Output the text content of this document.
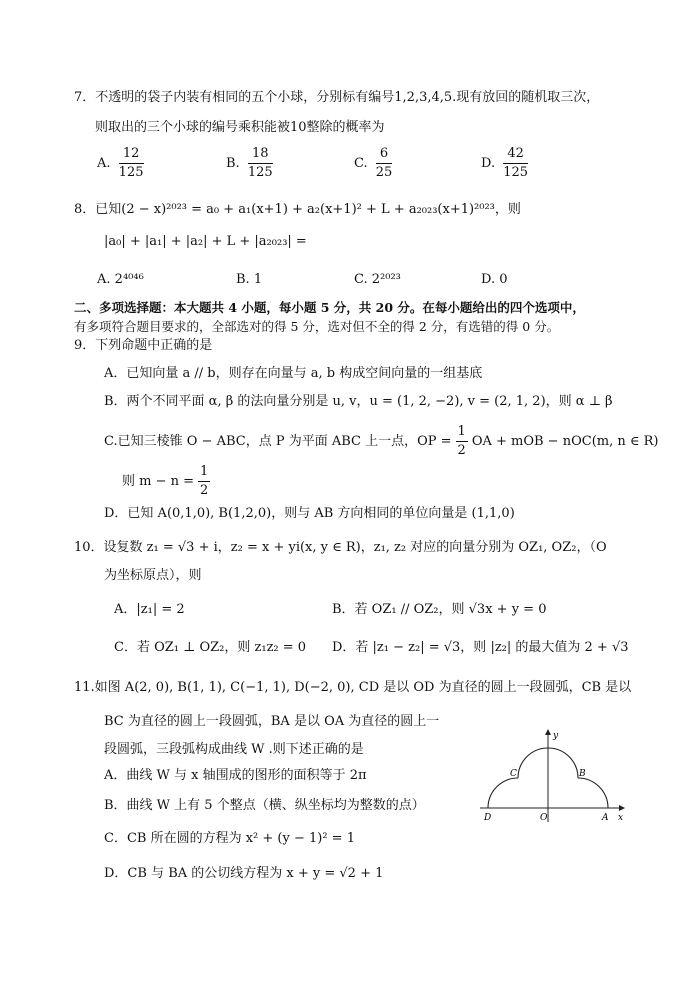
7．不透明的袋子内装有相同的五个小球，分别标有编号1,2,3,4,5.现有放回的随机取三次，
则取出的三个小球的编号乘积能被10整除的概率为
A. $\frac{12}{125}$	B. $\frac{18}{125}$	C. $\frac{6}{25}$	D. $\frac{42}{125}$
8．已知(2 − x)²⁰²³ = a₀ + a₁(x+1) + a₂(x+1)² + L + a₂₀₂₃(x+1)²⁰²³，则
|a₀| + |a₁| + |a₂| + L + |a₂₀₂₃| =
A. 2⁴⁰⁴⁶	B. 1	C. 2²⁰²³	D. 0
二、多项选择题：本大题共 4 小题，每小题 5 分，共 20 分。在每小题给出的四个选项中，
有多项符合题目要求的，全部选对的得 5 分，选对但不全的得 2 分，有选错的得 0 分。
9．下列命题中正确的是
A．已知向量 a // b，则存在向量与 a, b 构成空间向量的一组基底
B．两个不同平面 α, β 的法向量分别是 u, v，u = (1, 2, −2), v = (2, 1, 2)，则 α ⊥ β
C.已知三棱锥 O − ABC，点 P 为平面 ABC 上一点，OP = $\frac{1}{2}$ OA + mOB − nOC(m, n ∈ R)
则 $m - n = \frac{1}{2}$
D．已知 A(0,1,0), B(1,2,0)，则与 AB 方向相同的单位向量是 (1,1,0)
10．设复数 z₁ = √3 + i，z₂ = x + yi(x, y ∈ R)，z₁, z₂ 对应的向量分别为 OZ₁, OZ₂，（O
为坐标原点），则
A．|z₁| = 2	B．若 OZ₁ // OZ₂，则 √3x + y = 0
C．若 OZ₁ ⊥ OZ₂，则 z₁z₂ = 0 D．若 |z₁ − z₂| = √3，则 |z₂| 的最大值为 2 + √3
11.如图 A(2, 0), B(1, 1), C(−1, 1), D(−2, 0), CD 是以 OD 为直径的圆上一段圆弧，CB 是以
BC 为直径的圆上一段圆弧，BA 是以 OA 为直径的圆上一
段圆弧，三段弧构成曲线 W .则下述正确的是
A．曲线 W 与 x 轴围成的图形的面积等于 2π
B．曲线 W 上有 5 个整点（横、纵坐标均为整数的点）
C．CB 所在圆的方程为 x² + (y − 1)² = 1
D．CB 与 BA 的公切线方程为 x + y = √2 + 1
y
x
O	A
B
C
D
